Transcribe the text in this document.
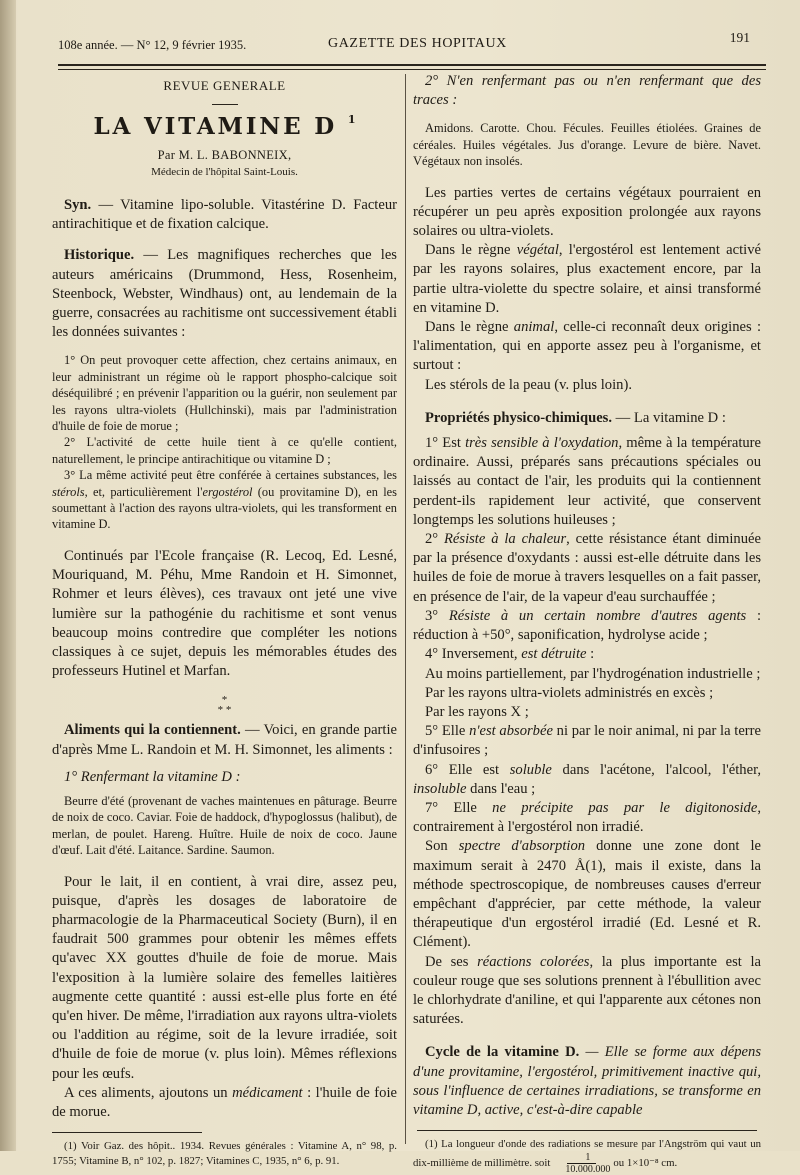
108e année. — N° 12, 9 février 1935.	GAZETTE DES HOPITAUX	191
REVUE GENERALE
LA VITAMINE D $^1$
Par M. L. BABONNEIX,
Médecin de l'hôpital Saint-Louis.

Syn. — Vitamine lipo-soluble. Vitastérine D. Facteur antirachitique et de fixation calcique.

Historique. — Les magnifiques recherches que les auteurs américains (Drummond, Hess, Rosenheim, Steenbock, Webster, Windhaus) ont, au lendemain de la guerre, consacrées au rachitisme ont successivement établi les données suivantes :

1° On peut provoquer cette affection, chez certains animaux, en leur administrant un régime où le rapport phospho-calcique soit déséquilibré ; en prévenir l'apparition ou la guérir, non seulement par les rayons ultra-violets (Hullchinski), mais par l'administration d'huile de foie de morue ;

2° L'activité de cette huile tient à ce qu'elle contient, naturellement, le principe antirachitique ou vitamine D ;

3° La même activité peut être conférée à certaines substances, les stérols, et, particulièrement l'ergostérol (ou provitamine D), en les soumettant à l'action des rayons ultra-violets, qui les transforment en vitamine D.

Continués par l'Ecole française (R. Lecoq, Ed. Lesné, Mouriquand, M. Péhu, Mme Randoin et H. Simonnet, Rohmer et leurs élèves), ces travaux ont jeté une vive lumière sur la pathogénie du rachitisme et sont venus beaucoup moins contredire que compléter les notions classiques à ce sujet, depuis les mémorables études des professeurs Hutinel et Marfan.

*
* *

Aliments qui la contiennent. — Voici, en grande partie d'après Mme L. Randoin et M. H. Simonnet, les aliments :

1° Renfermant la vitamine D :

Beurre d'été (provenant de vaches maintenues en pâturage. Beurre de noix de coco. Caviar. Foie de haddock, d'hypoglossus (halibut), de merlan, de poulet. Hareng. Huître. Huile de noix de coco. Jaune d'œuf. Lait d'été. Laitance. Sardine. Saumon.

Pour le lait, il en contient, à vrai dire, assez peu, puisque, d'après les dosages de laboratoire de pharmacologie de la Pharmaceutical Society (Burn), il en faudrait 500 grammes pour obtenir les mêmes effets qu'avec XX gouttes d'huile de foie de morue. Mais l'exposition à la lumière solaire des femelles laitières augmente cette quantité : aussi est-elle plus forte en été qu'en hiver. De même, l'irradiation aux rayons ultra-violets ou l'addition au régime, soit de la levure irradiée, soit d'huile de foie de morue (v. plus loin). Mêmes réflexions pour les œufs.

A ces aliments, ajoutons un médicament : l'huile de foie de morue.

(1) Voir Gaz. des hôpit.. 1934. Revues générales : Vitamine A, n° 98, p. 1755; Vitamine B, n° 102, p. 1827; Vitamines C, 1935, n° 6, p. 91.

2° N'en renfermant pas ou n'en renfermant que des traces :

Amidons. Carotte. Chou. Fécules. Feuilles étiolées. Graines de céréales. Huiles végétales. Jus d'orange. Levure de bière. Navet. Végétaux non insolés.

Les parties vertes de certains végétaux pourraient en récupérer un peu après exposition prolongée aux rayons solaires ou ultra-violets.

Dans le règne végétal, l'ergostérol est lentement activé par les rayons solaires, plus exactement encore, par la partie ultra-violette du spectre solaire, et ainsi transformé en vitamine D.

Dans le règne animal, celle-ci reconnaît deux origines : l'alimentation, qui en apporte assez peu à l'organisme, et surtout :

Les stérols de la peau (v. plus loin).

Propriétés physico-chimiques. — La vitamine D :

1° Est très sensible à l'oxydation, même à la température ordinaire. Aussi, préparés sans précautions spéciales ou laissés au contact de l'air, les produits qui la contiennent perdent-ils rapidement leur activité, que conservent longtemps les solutions huileuses ;

2° Résiste à la chaleur, cette résistance étant diminuée par la présence d'oxydants : aussi est-elle détruite dans les huiles de foie de morue à travers lesquelles on a fait passer, en présence de l'air, de la vapeur d'eau surchauffée ;

3° Résiste à un certain nombre d'autres agents : réduction à +50°, saponification, hydrolyse acide ;

4° Inversement, est détruite :

Au moins partiellement, par l'hydrogénation industrielle ;

Par les rayons ultra-violets administrés en excès ;

Par les rayons X ;

5° Elle n'est absorbée ni par le noir animal, ni par la terre d'infusoires ;

6° Elle est soluble dans l'acétone, l'alcool, l'éther, insoluble dans l'eau ;

7° Elle ne précipite pas par le digitonoside, contrairement à l'ergostérol non irradié.

Son spectre d'absorption donne une zone dont le maximum serait à 2470 Å(1), mais il existe, dans la méthode spectroscopique, de nombreuses causes d'erreur empêchant d'apprécier, par cette méthode, la valeur thérapeutique d'un ergostérol irradié (Ed. Lesné et R. Clément).

De ses réactions colorées, la plus importante est la couleur rouge que ses solutions prennent à l'ébullition avec le chlorhydrate d'aniline, et qui l'apparente aux cétones non saturées.

Cycle de la vitamine D. — Elle se forme aux dépens d'une provitamine, l'ergostérol, primitivement inactive qui, sous l'influence de certaines irradiations, se transforme en vitamine D, active, c'est-à-dire capable

(1) La longueur d'onde des radiations se mesure par l'Angström qui vaut un dix-millième de millimètre. soit $\frac{1}{10.000.000}$ ou 1×10⁻⁸ cm.
